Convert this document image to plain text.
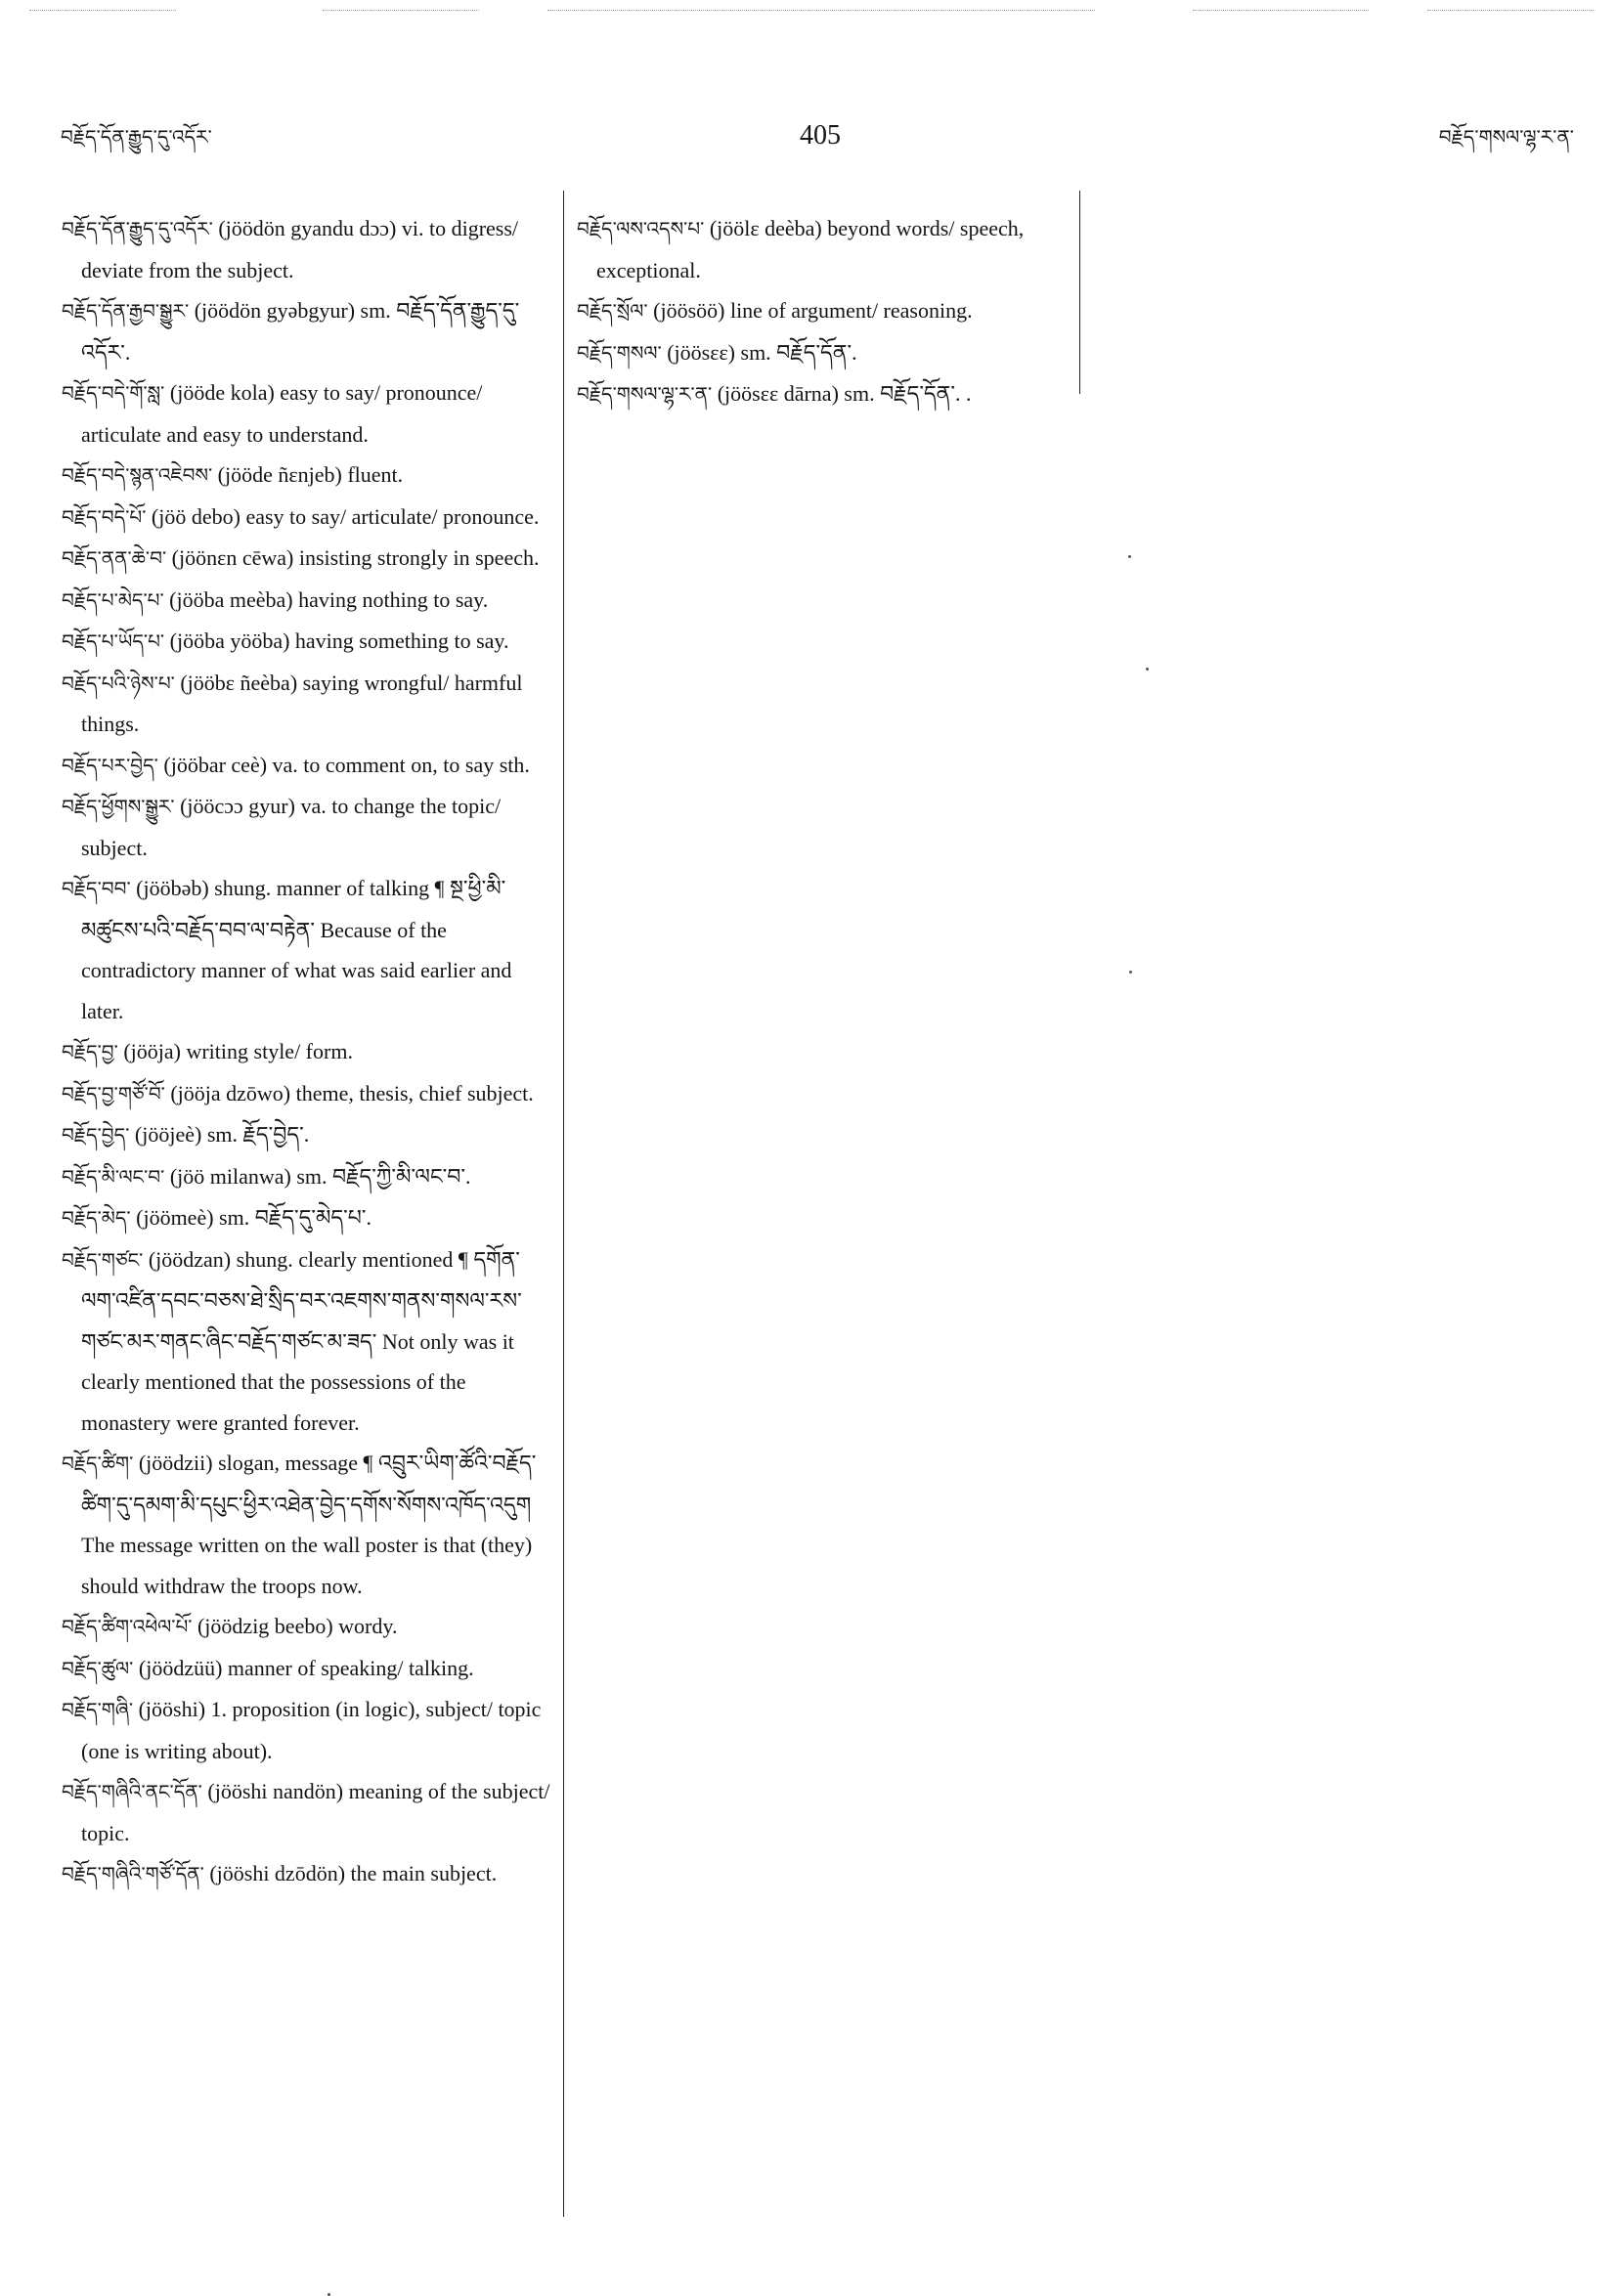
བརྗོད་དོན་རྒྱུད་དུ་འདོར་	405	བརྗོད་གསལ་ལྷ་ར་ན་

བརྗོད་དོན་རྒྱུད་དུ་འདོར་ (jöödön gyandu dɔɔ) vi. to digress/ deviate from the subject.

བརྗོད་དོན་རྒྱབ་སྒྱུར་ (jöödön gyəbgyur) sm. བརྗོད་དོན་རྒྱུད་དུ་འདོར་.

བརྗོད་བདེ་གོ་སླ་ (jööde kola) easy to say/ pronounce/ articulate and easy to understand.

བརྗོད་བདེ་སྙན་འཇེབས་ (jööde ñɛnjeb) fluent.

བརྗོད་བདེ་པོ་ (jöö debo) easy to say/ articulate/ pronounce.

བརྗོད་ནན་ཆེ་བ་ (jöönɛn cēwa) insisting strongly in speech.

བརྗོད་པ་མེད་པ་ (jööba meèba) having nothing to say.

བརྗོད་པ་ཡོད་པ་ (jööba yööba) having something to say.

བརྗོད་པའི་ཉེས་པ་ (jööbɛ ñeèba) saying wrongful/ harmful things.

བརྗོད་པར་བྱེད་ (jööbar ceè) va. to comment on, to say sth.

བརྗོད་ཕྱོགས་སྒྱུར་ (jööcɔɔ gyur) va. to change the topic/ subject.

བརྗོད་བབ་ (jööbəb) shung. manner of talking ¶ སྔ་ཕྱི་མི་མཚུངས་པའི་བརྗོད་བབ་ལ་བརྟེན་ Because of the contradictory manner of what was said earlier and later.

བརྗོད་བྱ་ (jööja) writing style/ form.

བརྗོད་བྱ་གཙོ་བོ་ (jööja dzōwo) theme, thesis, chief subject.

བརྗོད་བྱེད་ (jööjeè) sm. རྗོད་བྱེད་.

བརྗོད་མི་ལང་བ་ (jöö milanwa) sm. བརྗོད་ཀྱི་མི་ལང་བ་.

བརྗོད་མེད་ (jöömeè) sm. བརྗོད་དུ་མེད་པ་.

བརྗོད་གཙང་ (jöödzan) shung. clearly mentioned ¶ དགོན་ལག་འཛིན་དབང་བཅས་ཐེ་སྲིད་བར་འཇགས་གནས་གསལ་རས་གཙང་མར་གནང་ཞིང་བརྗོད་གཙང་མ་ཟད་ Not only was it clearly mentioned that the possessions of the monastery were granted forever.

བརྗོད་ཚིག་ (jöödzii) slogan, message ¶ འབྲུར་ཡིག་ཚོའི་བརྗོད་ཚིག་དུ་དམག་མི་དཔུང་ཕྱིར་འཐེན་བྱེད་དགོས་སོགས་འཁོད་འདུག The message written on the wall poster is that (they) should withdraw the troops now.

བརྗོད་ཚིག་འཕེལ་པོ་ (jöödzig beebo) wordy.

བརྗོད་ཚུལ་ (jöödzüü) manner of speaking/ talking.

བརྗོད་གཞི་ (jööshi) 1. proposition (in logic), subject/ topic (one is writing about).

བརྗོད་གཞིའི་ནང་དོན་ (jööshi nandön) meaning of the subject/ topic.

བརྗོད་གཞིའི་གཙོ་དོན་ (jööshi dzōdön) the main subject.

བརྗོད་ལས་འདས་པ་ (jöölɛ deèba) beyond words/ speech, exceptional.

བརྗོད་སྲོལ་ (jöösöö) line of argument/ reasoning.

བརྗོད་གསལ་ (jöösɛɛ) sm. བརྗོད་དོན་.

བརྗོད་གསལ་ལྷ་ར་ན་ (jöösɛɛ dārna) sm. བརྗོད་དོན་. .
